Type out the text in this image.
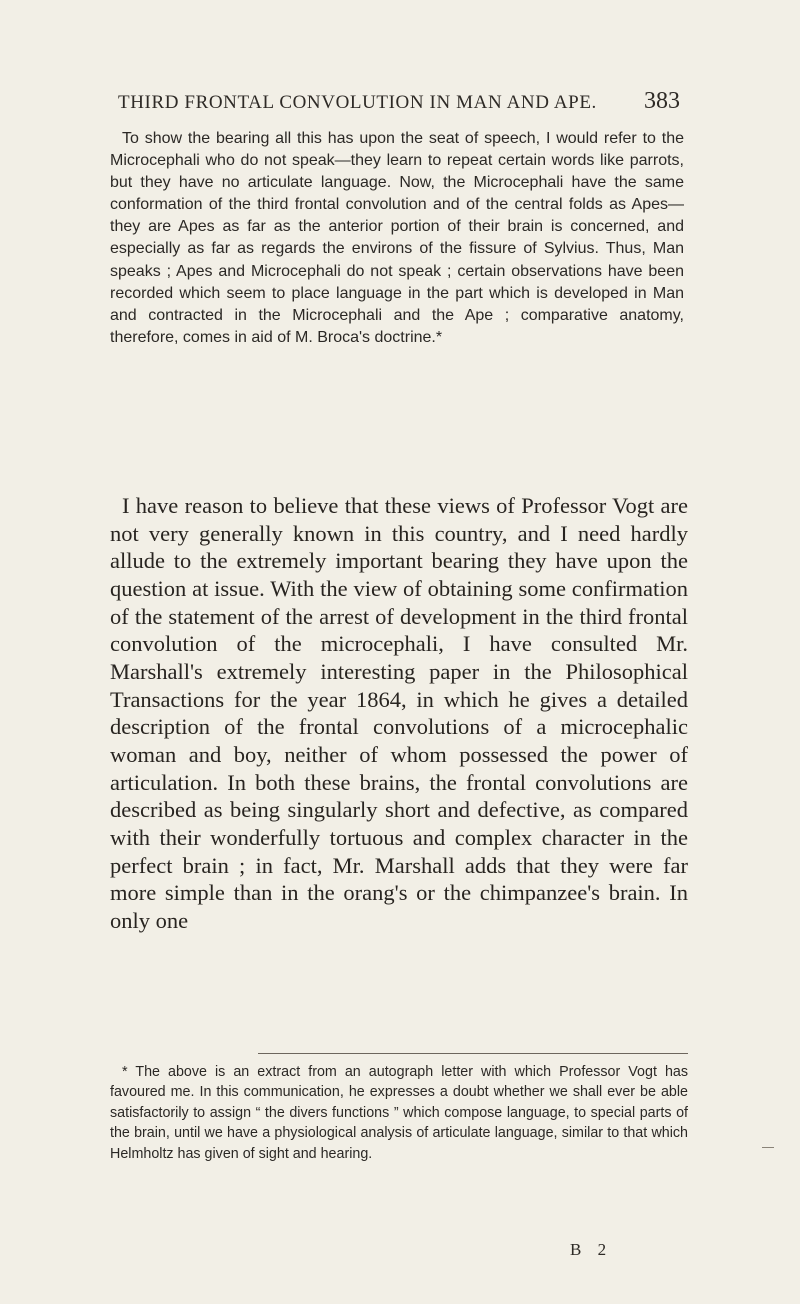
THIRD FRONTAL CONVOLUTION IN MAN AND APE. 383

To show the bearing all this has upon the seat of speech, I would refer to the Microcephali who do not speak—they learn to repeat certain words like parrots, but they have no articulate language. Now, the Microcephali have the same conformation of the third frontal convolution and of the central folds as Apes—they are Apes as far as the anterior portion of their brain is concerned, and especially as far as regards the environs of the fissure of Sylvius. Thus, Man speaks ; Apes and Microcephali do not speak ; certain observations have been recorded which seem to place language in the part which is developed in Man and contracted in the Microcephali and the Ape ; comparative anatomy, therefore, comes in aid of M. Broca's doctrine.*

I have reason to believe that these views of Professor Vogt are not very generally known in this country, and I need hardly allude to the extremely important bearing they have upon the question at issue. With the view of obtaining some confirmation of the statement of the arrest of development in the third frontal convolution of the microcephali, I have consulted Mr. Marshall's extremely interesting paper in the Philosophical Transactions for the year 1864, in which he gives a detailed description of the frontal convolutions of a microcephalic woman and boy, neither of whom possessed the power of articulation. In both these brains, the frontal convolutions are described as being singularly short and defective, as compared with their wonderfully tortuous and complex character in the perfect brain ; in fact, Mr. Marshall adds that they were far more simple than in the orang's or the chimpanzee's brain. In only one

* The above is an extract from an autograph letter with which Professor Vogt has favoured me. In this communication, he expresses a doubt whether we shall ever be able satisfactorily to assign “ the divers functions ” which compose language, to special parts of the brain, until we have a physiological analysis of articulate language, similar to that which Helmholtz has given of sight and hearing.

B 2
